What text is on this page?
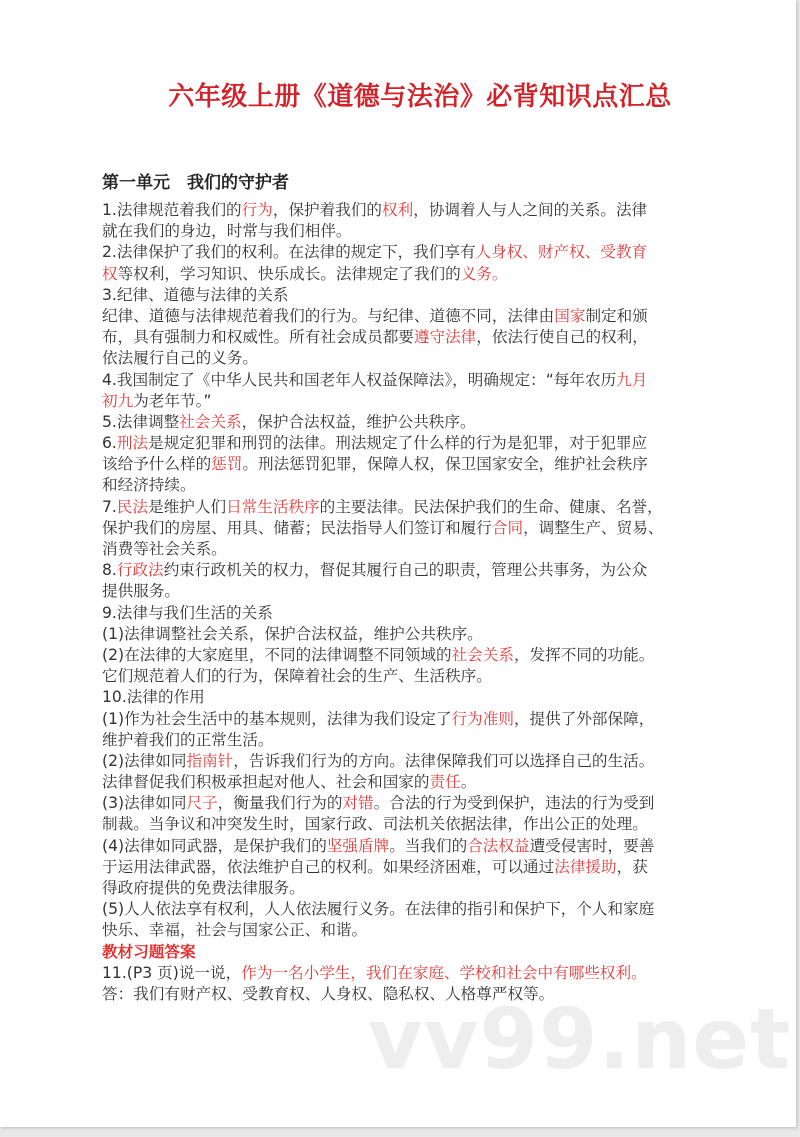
六年级上册《道德与法治》必背知识点汇总
第一单元　我们的守护者
1.法律规范着我们的行为，保护着我们的权利，协调着人与人之间的关系。法律
就在我们的身边，时常与我们相伴。
2.法律保护了我们的权利。在法律的规定下，我们享有人身权、财产权、受教育
权等权利，学习知识、快乐成长。法律规定了我们的义务。
3.纪律、道德与法律的关系
纪律、道德与法律规范着我们的行为。与纪律、道德不同，法律由国家制定和颁
布，具有强制力和权威性。所有社会成员都要遵守法律，依法行使自己的权利，
依法履行自己的义务。
4.我国制定了《中华人民共和国老年人权益保障法》，明确规定：“每年农历九月
初九为老年节。”
5.法律调整社会关系，保护合法权益，维护公共秩序。
6.刑法是规定犯罪和刑罚的法律。刑法规定了什么样的行为是犯罪，对于犯罪应
该给予什么样的惩罚。刑法惩罚犯罪，保障人权，保卫国家安全，维护社会秩序
和经济持续。
7.民法是维护人们日常生活秩序的主要法律。民法保护我们的生命、健康、名誉，
保护我们的房屋、用具、储蓄；民法指导人们签订和履行合同，调整生产、贸易、
消费等社会关系。
8.行政法约束行政机关的权力，督促其履行自己的职责，管理公共事务，为公众
提供服务。
9.法律与我们生活的关系
(1)法律调整社会关系，保护合法权益，维护公共秩序。
(2)在法律的大家庭里，不同的法律调整不同领域的社会关系，发挥不同的功能。
它们规范着人们的行为，保障着社会的生产、生活秩序。
10.法律的作用
(1)作为社会生活中的基本规则，法律为我们设定了行为准则，提供了外部保障，
维护着我们的正常生活。
(2)法律如同指南针，告诉我们行为的方向。法律保障我们可以选择自己的生活。
法律督促我们积极承担起对他人、社会和国家的责任。
(3)法律如同尺子，衡量我们行为的对错。合法的行为受到保护，违法的行为受到
制裁。当争议和冲突发生时，国家行政、司法机关依据法律，作出公正的处理。
(4)法律如同武器，是保护我们的坚强盾牌。当我们的合法权益遭受侵害时，要善
于运用法律武器，依法维护自己的权利。如果经济困难，可以通过法律援助，获
得政府提供的免费法律服务。
(5)人人依法享有权利，人人依法履行义务。在法律的指引和保护下，个人和家庭
快乐、幸福，社会与国家公正、和谐。
教材习题答案
11.(P3 页)说一说，作为一名小学生，我们在家庭、学校和社会中有哪些权利。
答：我们有财产权、受教育权、人身权、隐私权、人格尊严权等。
vv99.net
